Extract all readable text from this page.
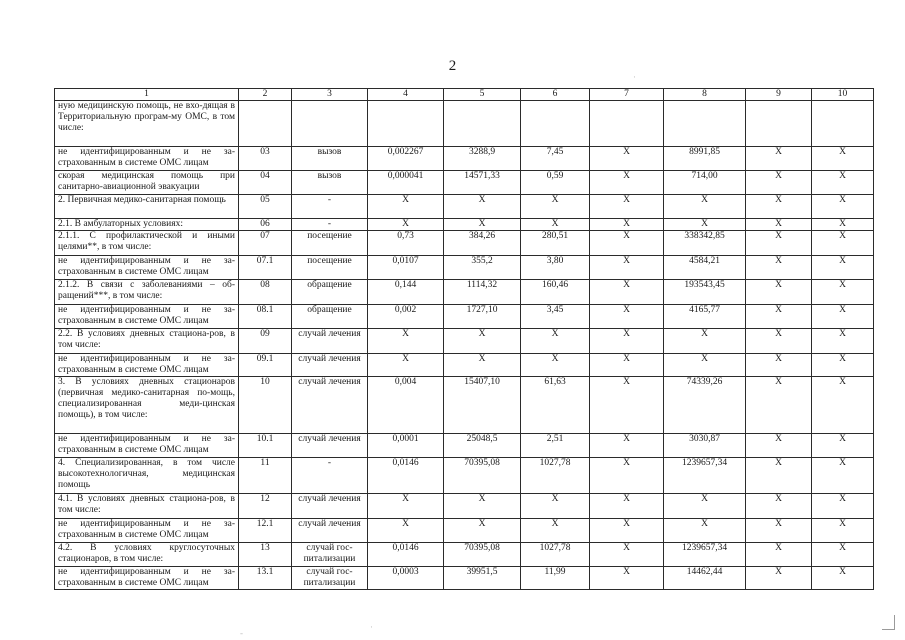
2
1	2	3	4	5	6	7	8	9	10
ную медицинскую помощь, не вхо-дящая в Территориальную програм-му ОМС, в том числе:									
не идентифицированным и не за-страхованным в системе ОМС лицам	03	вызов	0,002267	3288,9	7,45	X	8991,85	X	X
скорая медицинская помощь при санитарно-авиационной эвакуации	04	вызов	0,000041	14571,33	0,59	X	714,00	X	X
2. Первичная медико-санитарная помощь	05	-	X	X	X	X	X	X	X
2.1. В амбулаторных условиях:	06	-	X	X	X	X	X	X	X
2.1.1. С профилактической и иными целями**, в том числе:	07	посещение	0,73	384,26	280,51	X	338342,85	X	X
не идентифицированным и не за-страхованным в системе ОМС лицам	07.1	посещение	0,0107	355,2	3,80	X	4584,21	X	X
2.1.2. В связи с заболеваниями – об-ращений***, в том числе:	08	обращение	0,144	1114,32	160,46	X	193543,45	X	X
не идентифицированным и не за-страхованным в системе ОМС лицам	08.1	обращение	0,002	1727,10	3,45	X	4165,77	X	X
2.2. В условиях дневных стациона-ров, в том числе:	09	случай лечения	X	X	X	X	X	X	X
не идентифицированным и не за-страхованным в системе ОМС лицам	09.1	случай лечения	X	X	X	X	X	X	X
3. В условиях дневных стационаров (первичная медико-санитарная по-мощь, специализированная меди-цинская помощь), в том числе:	10	случай лечения	0,004	15407,10	61,63	X	74339,26	X	X
не идентифицированным и не за-страхованным в системе ОМС лицам	10.1	случай лечения	0,0001	25048,5	2,51	X	3030,87	X	X
4. Специализированная, в том числе высокотехнологичная, медицинская помощь	11	-	0,0146	70395,08	1027,78	X	1239657,34	X	X
4.1. В условиях дневных стациона-ров, в том числе:	12	случай лечения	X	X	X	X	X	X	X
не идентифицированным и не за-страхованным в системе ОМС лицам	12.1	случай лечения	X	X	X	X	X	X	X
4.2. В условиях круглосуточных стационаров, в том числе:	13	случай гос-питализации	0,0146	70395,08	1027,78	X	1239657,34	X	X
не идентифицированным и не за-страхованным в системе ОМС лицам	13.1	случай гос-питализации	0,0003	39951,5	11,99	X	14462,44	X	X
·
·
-
